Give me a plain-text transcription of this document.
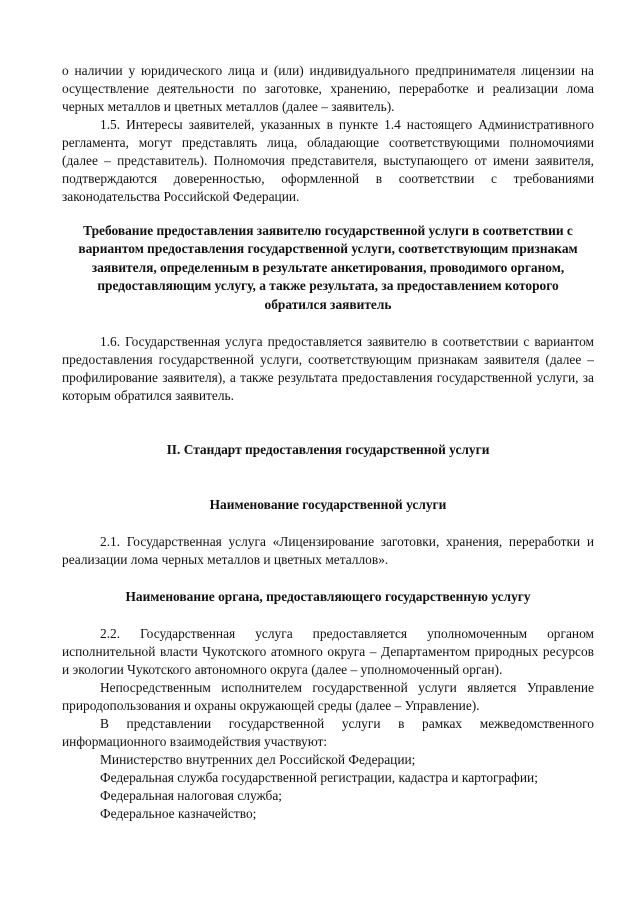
о наличии у юридического лица и (или) индивидуального предпринимателя лицензии на осуществление деятельности по заготовке, хранению, переработке и реализации лома черных металлов и цветных металлов (далее – заявитель).

1.5. Интересы заявителей, указанных в пункте 1.4 настоящего Административного регламента, могут представлять лица, обладающие соответствующими полномочиями (далее – представитель). Полномочия представителя, выступающего от имени заявителя, подтверждаются доверенностью, оформленной в соответствии с требованиями законодательства Российской Федерации.

Требование предоставления заявителю государственной услуги в соответствии с вариантом предоставления государственной услуги, соответствующим признакам заявителя, определенным в результате анкетирования, проводимого органом, предоставляющим услугу, а также результата, за предоставлением которого обратился заявитель

1.6. Государственная услуга предоставляется заявителю в соответствии с вариантом предоставления государственной услуги, соответствующим признакам заявителя (далее – профилирование заявителя), а также результата предоставления государственной услуги, за которым обратился заявитель.

II. Стандарт предоставления государственной услуги

Наименование государственной услуги

2.1. Государственная услуга «Лицензирование заготовки, хранения, переработки и реализации лома черных металлов и цветных металлов».

Наименование органа, предоставляющего государственную услугу

2.2. Государственная услуга предоставляется уполномоченным органом исполнительной власти Чукотского атомного округа – Департаментом природных ресурсов и экологии Чукотского автономного округа (далее – уполномоченный орган).

Непосредственным исполнителем государственной услуги является Управление природопользования и охраны окружающей среды (далее – Управление).

В представлении государственной услуги в рамках межведомственного информационного взаимодействия участвуют:

Министерство внутренних дел Российской Федерации;

Федеральная служба государственной регистрации, кадастра и картографии;

Федеральная налоговая служба;

Федеральное казначейство;
